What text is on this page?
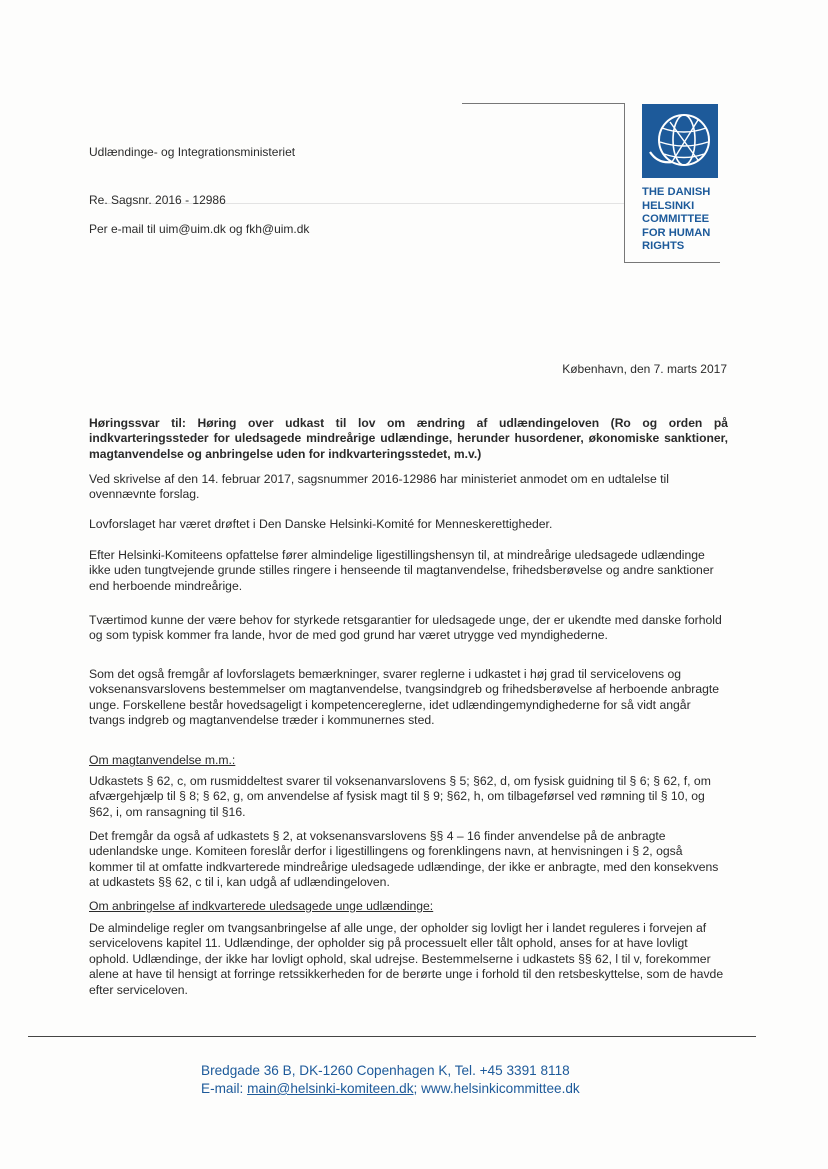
Udlændinge- og Integrationsministeriet
Re. Sagsnr. 2016 - 12986
Per e-mail til uim@uim.dk og fkh@uim.dk
THE DANISH
HELSINKI
COMMITTEE
FOR HUMAN
RIGHTS
København, den 7. marts 2017
Høringssvar til: Høring over udkast til lov om ændring af udlændingeloven (Ro og orden på indkvarteringssteder for uledsagede mindreårige udlændinge, herunder husordener, økonomiske sanktioner, magtanvendelse og anbringelse uden for indkvarteringsstedet, m.v.)
Ved skrivelse af den 14. februar 2017, sagsnummer 2016-12986 har ministeriet anmodet om en udtalelse til ovennævnte forslag.
Lovforslaget har været drøftet i Den Danske Helsinki-Komité for Menneskerettigheder.
Efter Helsinki-Komiteens opfattelse fører almindelige ligestillingshensyn til, at mindreårige uledsagede udlændinge ikke uden tungtvejende grunde stilles ringere i henseende til magtanvendelse, frihedsberøvelse og andre sanktioner end herboende mindreårige.
Tværtimod kunne der være behov for styrkede retsgarantier for uledsagede unge, der er ukendte med danske forhold og som typisk kommer fra lande, hvor de med god grund har været utrygge ved myndighederne.
Som det også fremgår af lovforslagets bemærkninger, svarer reglerne i udkastet i høj grad til servicelovens og voksenansvarslovens bestemmelser om magtanvendelse, tvangsindgreb og frihedsberøvelse af herboende anbragte unge. Forskellene består hovedsageligt i kompetencereglerne, idet udlændingemyndighederne for så vidt angår tvangs indgreb og magtanvendelse træder i kommunernes sted.
Om magtanvendelse m.m.:
Udkastets § 62, c, om rusmiddeltest svarer til voksenanvarslovens § 5; §62, d, om fysisk guidning til § 6; § 62, f, om afværgehjælp til § 8; § 62, g, om anvendelse af fysisk magt til § 9; §62, h, om tilbageførsel ved rømning til § 10, og §62, i, om ransagning til §16.
Det fremgår da også af udkastets § 2, at voksenansvarslovens §§ 4 – 16 finder anvendelse på de anbragte udenlandske unge. Komiteen foreslår derfor i ligestillingens og forenklingens navn, at henvisningen i § 2, også kommer til at omfatte indkvarterede mindreårige uledsagede udlændinge, der ikke er anbragte, med den konsekvens at udkastets §§ 62, c til i, kan udgå af udlændingeloven.
Om anbringelse af indkvarterede uledsagede unge udlændinge:
De almindelige regler om tvangsanbringelse af alle unge, der opholder sig lovligt her i landet reguleres i forvejen af servicelovens kapitel 11. Udlændinge, der opholder sig på processuelt eller tålt ophold, anses for at have lovligt ophold. Udlændinge, der ikke har lovligt ophold, skal udrejse. Bestemmelserne i udkastets §§ 62, l til v, forekommer alene at have til hensigt at forringe retssikkerheden for de berørte unge i forhold til den retsbeskyttelse, som de havde efter serviceloven.
Bredgade 36 B, DK-1260 Copenhagen K, Tel. +45 3391 8118
E-mail: main@helsinki-komiteen.dk; www.helsinkicommittee.dk
